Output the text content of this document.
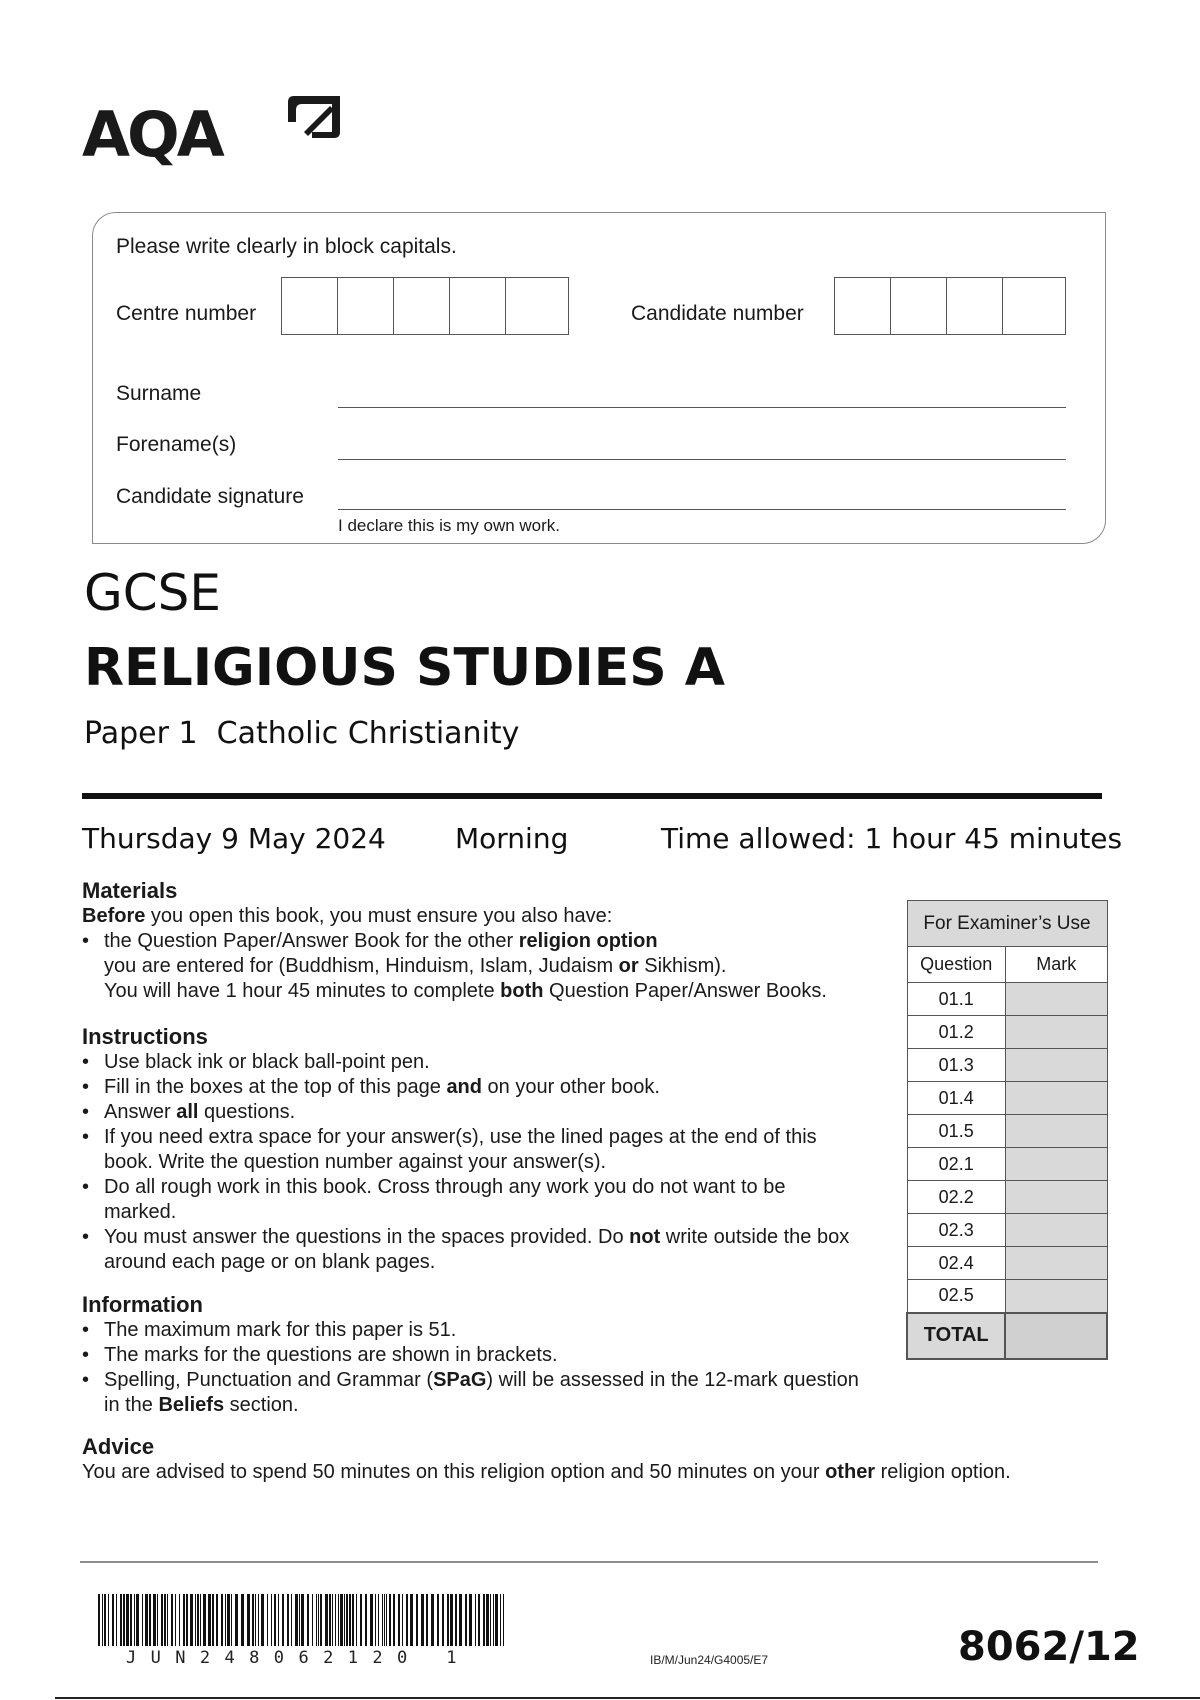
AQA
Please write clearly in block capitals.
Centre number	Candidate number
Surname
Forename(s)
Candidate signature
I declare this is my own work.
GCSE
RELIGIOUS STUDIES A
Paper 1  Catholic Christianity
Thursday 9 May 2024 Morning	Time allowed: 1 hour 45 minutes
Materials
Before you open this book, you must ensure you also have:
• the Question Paper/Answer Book for the other religion option
you are entered for (Buddhism, Hinduism, Islam, Judaism or Sikhism).
You will have 1 hour 45 minutes to complete both Question Paper/Answer Books.
Instructions
• Use black ink or black ball-point pen.
• Fill in the boxes at the top of this page and on your other book.
• Answer all questions.
• If you need extra space for your answer(s), use the lined pages at the end of this book. Write the question number against your answer(s).
• Do all rough work in this book. Cross through any work you do not want to be marked.
• You must answer the questions in the spaces provided. Do not write outside the box around each page or on blank pages.
Information
• The maximum mark for this paper is 51.
• The marks for the questions are shown in brackets.
• Spelling, Punctuation and Grammar (SPaG) will be assessed in the 12-mark question in the Beliefs section.
Advice
You are advised to spend 50 minutes on this religion option and 50 minutes on your other religion option.
For Examiner’s Use	
Question	Mark
01.1	
01.2	
01.3	
01.4	
01.5	
02.1	
02.2	
02.3	
02.4	
02.5	
TOTAL	
JUN248062120 1	IB/M/Jun24/G4005/E7	8062/12
